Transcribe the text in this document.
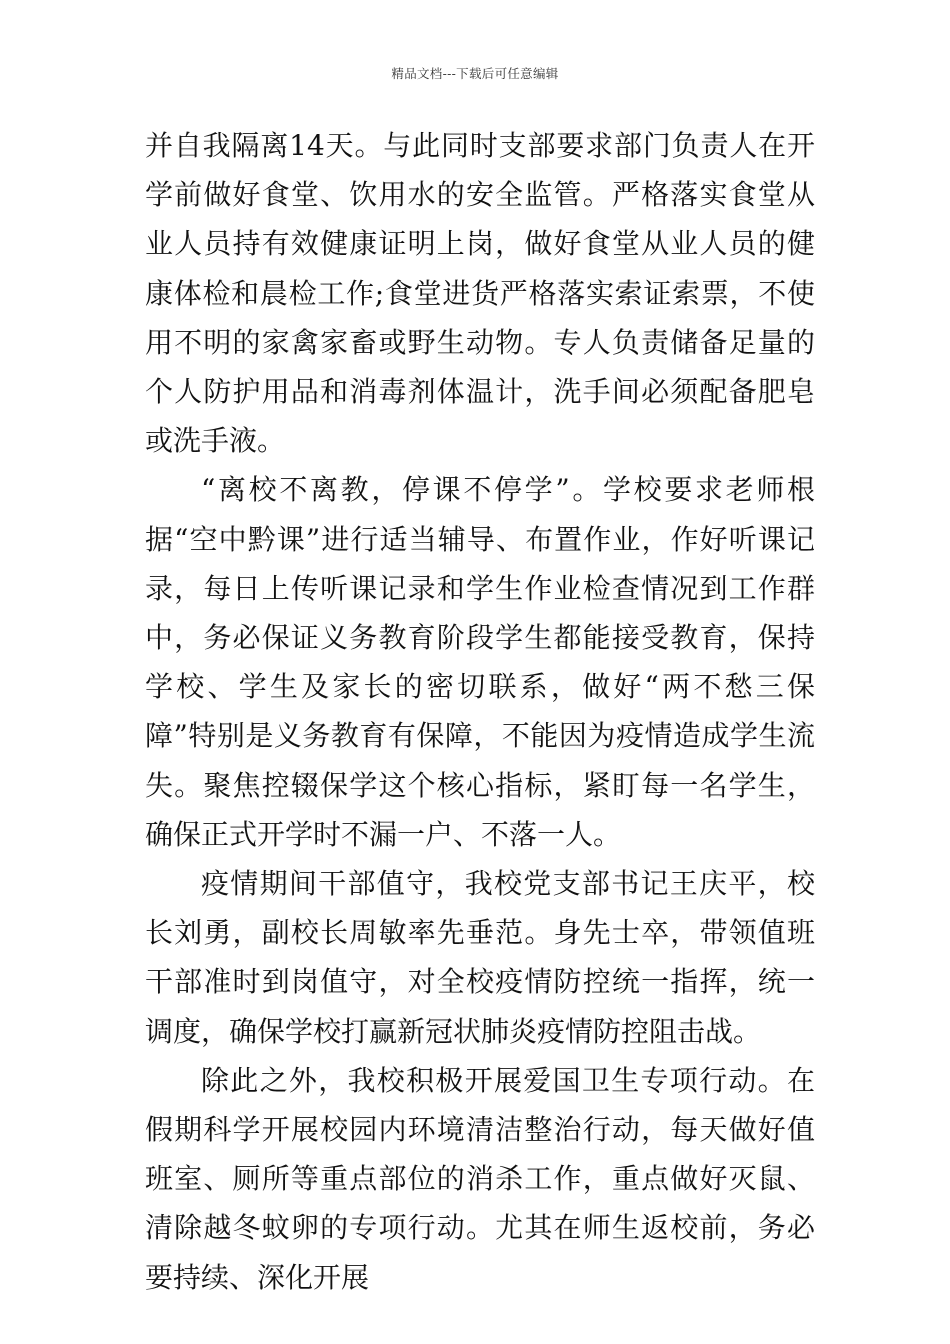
精品文档---下载后可任意编辑

并自我隔离14天。与此同时支部要求部门负责人在开学前做好食堂、饮用水的安全监管。严格落实食堂从业人员持有效健康证明上岗，做好食堂从业人员的健康体检和晨检工作;食堂进货严格落实索证索票，不使用不明的家禽家畜或野生动物。专人负责储备足量的个人防护用品和消毒剂体温计，洗手间必须配备肥皂或洗手液。

“离校不离教，停课不停学”。学校要求老师根据“空中黔课”进行适当辅导、布置作业，作好听课记录，每日上传听课记录和学生作业检查情况到工作群中，务必保证义务教育阶段学生都能接受教育，保持学校、学生及家长的密切联系，做好“两不愁三保障”特别是义务教育有保障，不能因为疫情造成学生流失。聚焦控辍保学这个核心指标，紧盯每一名学生，确保正式开学时不漏一户、不落一人。

疫情期间干部值守，我校党支部书记王庆平，校长刘勇，副校长周敏率先垂范。身先士卒，带领值班干部准时到岗值守，对全校疫情防控统一指挥，统一调度，确保学校打赢新冠状肺炎疫情防控阻击战。

除此之外，我校积极开展爱国卫生专项行动。在假期科学开展校园内环境清洁整治行动，每天做好值班室、厕所等重点部位的消杀工作，重点做好灭鼠、清除越冬蚊卵的专项行动。尤其在师生返校前，务必要持续、深化开展
